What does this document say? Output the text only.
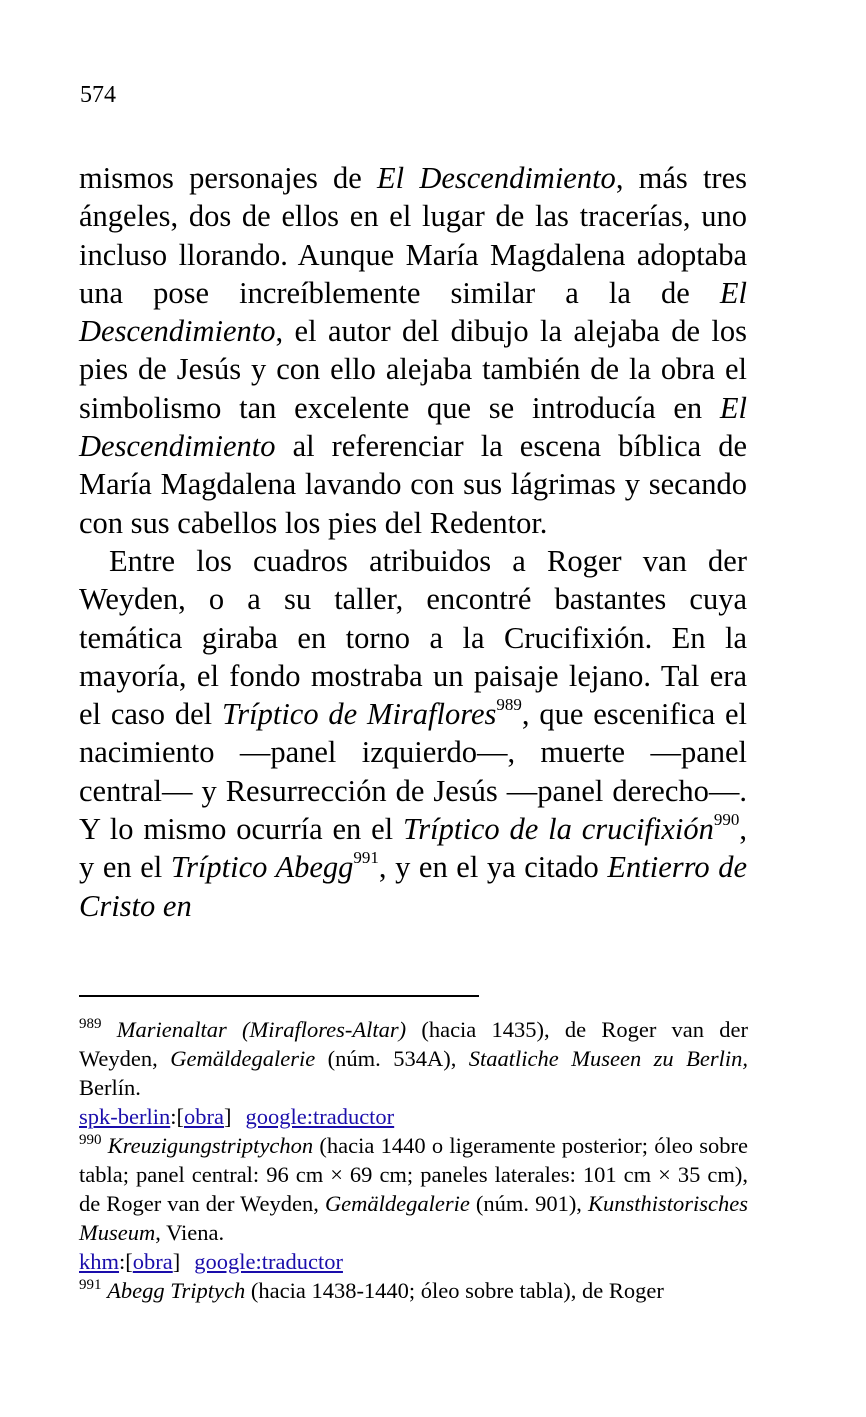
574

mismos personajes de El Descendimiento, más tres ángeles, dos de ellos en el lugar de las tracerías, uno incluso llorando. Aunque María Magdalena adoptaba una pose increíblemente similar a la de El Descendimiento, el autor del dibujo la alejaba de los pies de Jesús y con ello alejaba también de la obra el simbolismo tan excelente que se introducía en El Descendimiento al referenciar la escena bíblica de María Magdalena lavando con sus lágrimas y secando con sus cabellos los pies del Redentor.

Entre los cuadros atribuidos a Roger van der Weyden, o a su taller, encontré bastantes cuya temática giraba en torno a la Crucifixión. En la mayoría, el fondo mostraba un paisaje lejano. Tal era el caso del Tríptico de Miraflores$^{989}$, que escenifica el nacimiento —panel izquierdo—, muerte —panel central— y Resurrección de Jesús —panel derecho—. Y lo mismo ocurría en el Tríptico de la crucifixión$^{990}$, y en el Tríptico Abegg$^{991}$, y en el ya citado Entierro de Cristo en

$^{989}$ Marienaltar (Miraflores-Altar) (hacia 1435), de Roger van der Weyden, Gemäldegalerie (núm. 534A), Staatliche Museen zu Berlin, Berlín.

spk-berlin:[obra] google:traductor

$^{990}$ Kreuzigungstriptychon (hacia 1440 o ligeramente posterior; óleo sobre tabla; panel central: 96 cm × 69 cm; paneles laterales: 101 cm × 35 cm), de Roger van der Weyden, Gemäldegalerie (núm. 901), Kunsthistorisches Museum, Viena.

khm:[obra] google:traductor

$^{991}$ Abegg Triptych (hacia 1438-1440; óleo sobre tabla), de Roger
